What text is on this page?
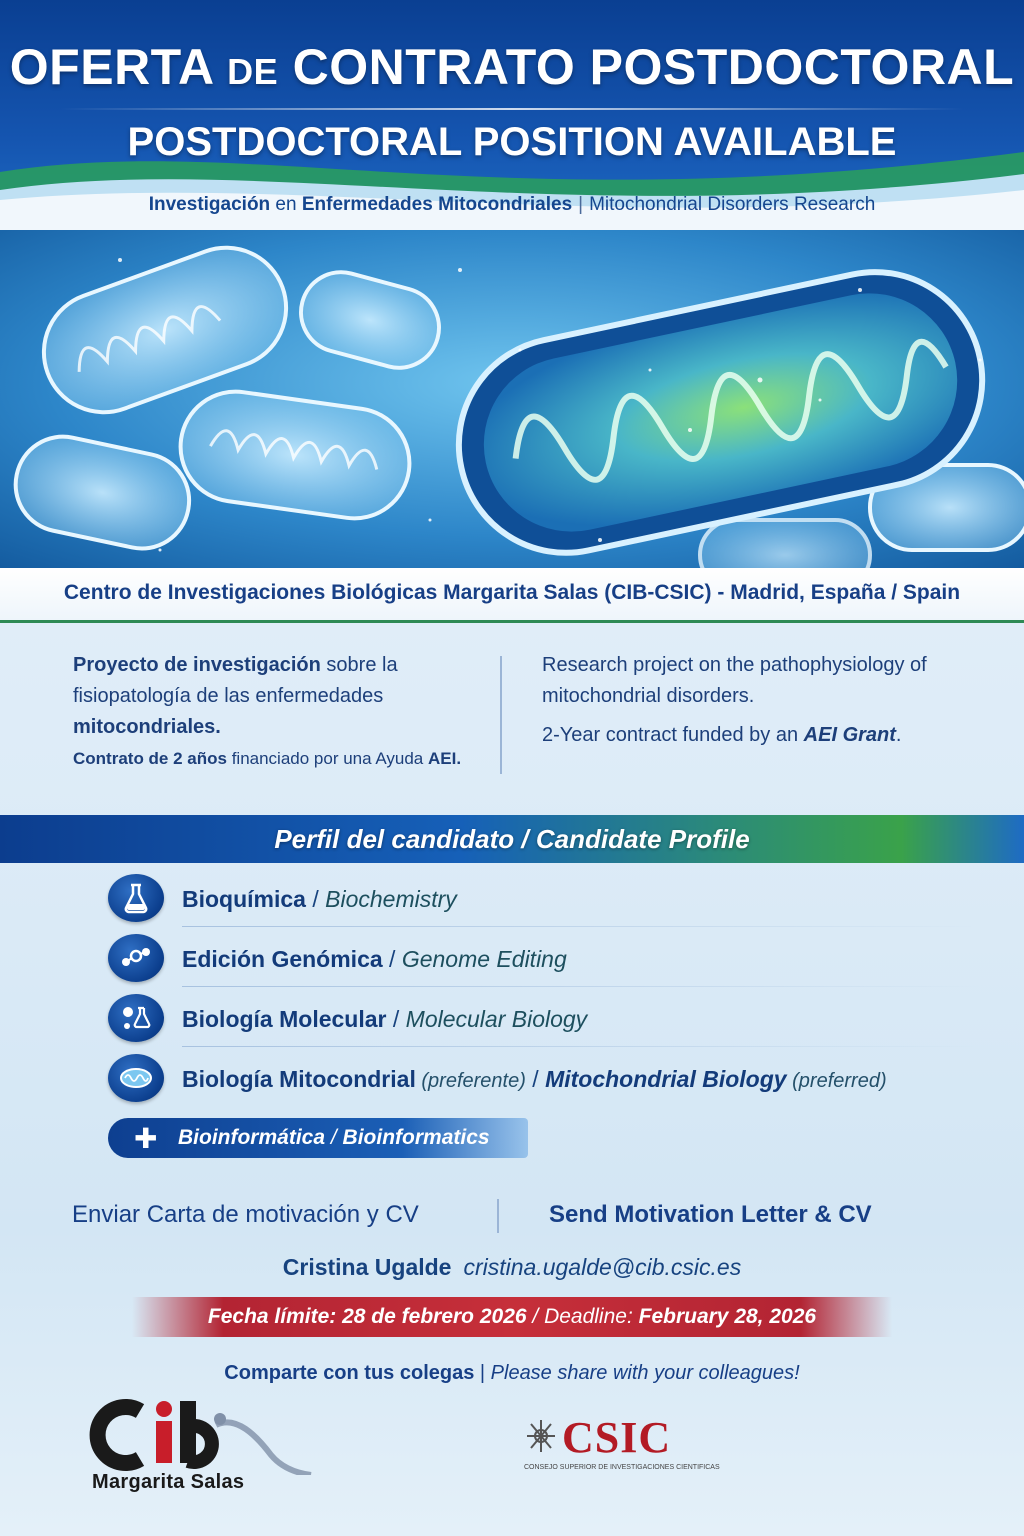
OFERTA DE CONTRATO POSTDOCTORAL
POSTDOCTORAL POSITION AVAILABLE
Investigación en Enfermedades Mitocondriales | Mitochondrial Disorders Research
Centro de Investigaciones Biológicas Margarita Salas (CIB-CSIC) - Madrid, España / Spain

Proyecto de investigación sobre la fisiopatología de las enfermedades mitocondriales.

Contrato de 2 años financiado por una Ayuda AEI.

Research project on the pathophysiology of mitochondrial disorders.

2-Year contract funded by an AEI Grant.

Perfil del candidato / Candidate Profile
Bioquímica / Biochemistry
Edición Genómica / Genome Editing
Biología Molecular / Molecular Biology
Biología Mitocondrial (preferente) / Mitochondrial Biology (preferred)
✚ Bioinformática / Bioinformatics
Enviar Carta de motivación y CV	Send Motivation Letter & CV
Cristina Ugalde cristina.ugalde@cib.csic.es
Fecha límite: 28 de febrero 2026 / Deadline: February 28, 2026
Comparte con tus colegas | Please share with your colleagues!
Margarita Salas
CSIC
CONSEJO SUPERIOR DE INVESTIGACIONES CIENTÍFICAS
